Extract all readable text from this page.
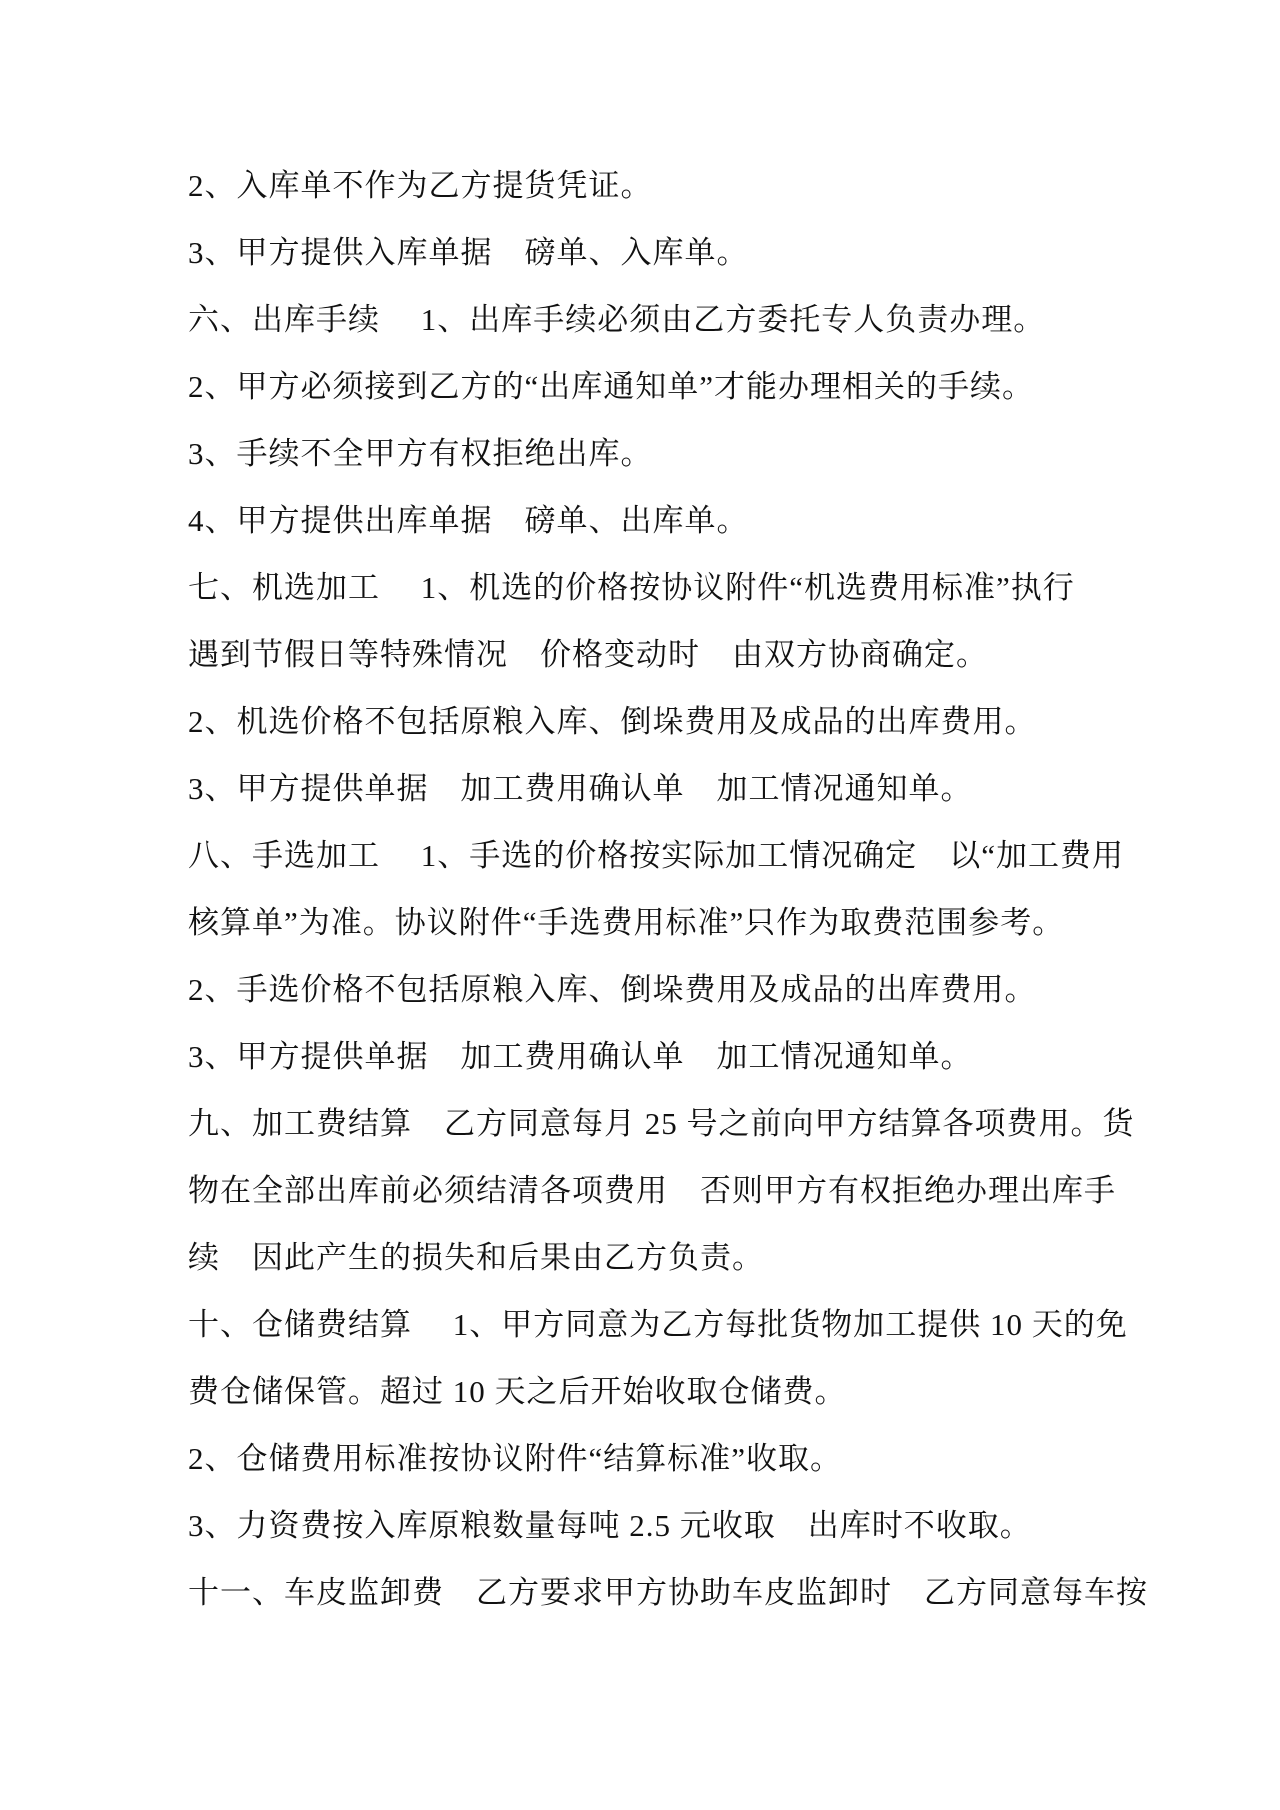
2、入库单不作为乙方提货凭证。
3、甲方提供入库单据　磅单、入库单。
六、出库手续　 1、出库手续必须由乙方委托专人负责办理。
2、甲方必须接到乙方的“出库通知单”才能办理相关的手续。
3、手续不全甲方有权拒绝出库。
4、甲方提供出库单据　磅单、出库单。
七、机选加工　 1、机选的价格按协议附件“机选费用标准”执行
遇到节假日等特殊情况　价格变动时　由双方协商确定。
2、机选价格不包括原粮入库、倒垛费用及成品的出库费用。
3、甲方提供单据　加工费用确认单　加工情况通知单。
八、手选加工　 1、手选的价格按实际加工情况确定　以“加工费用
核算单”为准。协议附件“手选费用标准”只作为取费范围参考。
2、手选价格不包括原粮入库、倒垛费用及成品的出库费用。
3、甲方提供单据　加工费用确认单　加工情况通知单。
九、加工费结算　乙方同意每月 25 号之前向甲方结算各项费用。货
物在全部出库前必须结清各项费用　否则甲方有权拒绝办理出库手
续　因此产生的损失和后果由乙方负责。
十、仓储费结算　 1、甲方同意为乙方每批货物加工提供 10 天的免
费仓储保管。超过 10 天之后开始收取仓储费。
2、仓储费用标准按协议附件“结算标准”收取。
3、力资费按入库原粮数量每吨 2.5 元收取　出库时不收取。
十一、车皮监卸费　乙方要求甲方协助车皮监卸时　乙方同意每车按
